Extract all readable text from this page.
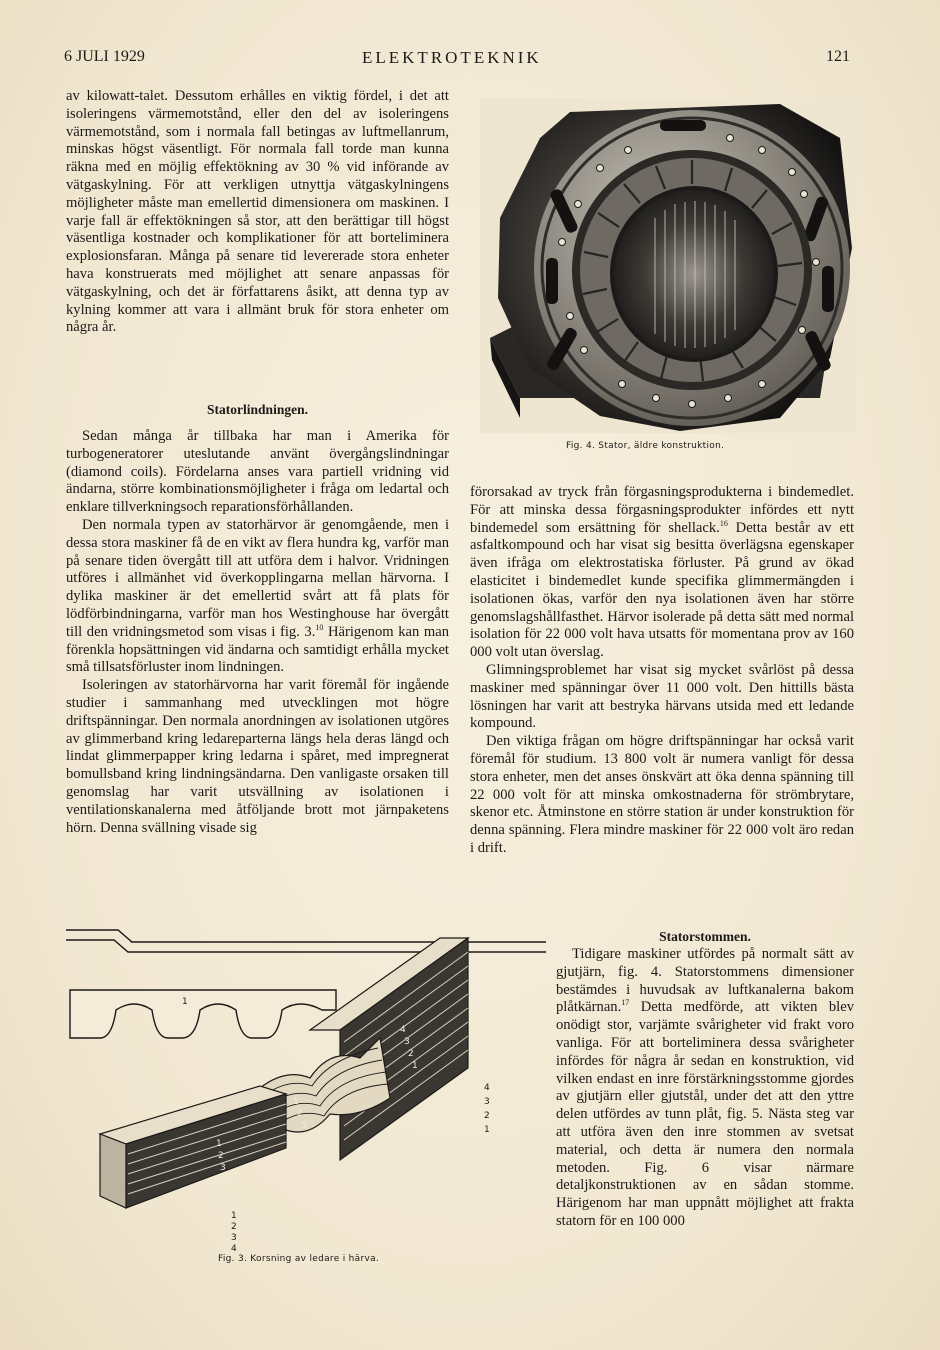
6 JULI 1929	ELEKTROTEKNIK	121

av kilowatt-talet. Dessutom erhålles en viktig fördel, i det att isoleringens värmemotstånd, eller den del av isoleringens värmemotstånd, som i normala fall betingas av luftmellanrum, minskas högst väsentligt. För normala fall torde man kunna räkna med en möjlig effektökning av 30 % vid införande av vätgaskylning. För att verkligen utnyttja vätgaskylningens möjligheter måste man emellertid dimensionera om maskinen. I varje fall är effektökningen så stor, att den berättigar till högst väsentliga kostnader och komplikationer för att borteliminera explosionsfaran. Många på senare tid levererade stora enheter hava konstruerats med möjlighet att senare anpassas för vätgaskylning, och det är författarens åsikt, att denna typ av kylning kommer att vara i allmänt bruk för stora enheter om några år.

Statorlindningen.

Sedan många år tillbaka har man i Amerika för turbogeneratorer uteslutande använt övergångslindningar (diamond coils). Fördelarna anses vara partiell vridning vid ändarna, större kombinationsmöjligheter i fråga om ledartal och enklare tillverkningsoch reparationsförhållanden.

Den normala typen av statorhärvor är genomgående, men i dessa stora maskiner få de en vikt av flera hundra kg, varför man på senare tiden övergått till att utföra dem i halvor. Vridningen utföres i allmänhet vid överkopplingarna mellan härvorna. I dylika maskiner är det emellertid svårt att få plats för lödförbindningarna, varför man hos Westinghouse har övergått till den vridningsmetod som visas i fig. 3.10 Härigenom kan man förenkla hopsättningen vid ändarna och samtidigt erhålla mycket små tillsatsförluster inom lindningen.

Isoleringen av statorhärvorna har varit föremål för ingående studier i sammanhang med utvecklingen mot högre driftspänningar. Den normala anordningen av isolationen utgöres av glimmerband kring ledareparterna längs hela deras längd och lindat glimmerpapper kring ledarna i spåret, med impregnerat bomullsband kring lindningsändarna. Den vanligaste orsaken till genomslag har varit utsvällning av isolationen i ventilationskanalerna med åtföljande brott mot järnpaketens hörn. Denna svällning visade sig

Fig. 4. Stator, äldre konstruktion.

förorsakad av tryck från förgasningsprodukterna i bindemedlet. För att minska dessa förgasningsprodukter infördes ett nytt bindemedel som ersättning för shellack.$^{16}$ Detta består av ett asfaltkompound och har visat sig besitta överlägsna egenskaper även ifråga om elektrostatiska förluster. På grund av ökad elasticitet i bindemedlet kunde specifika glimmermängden i isolationen ökas, varför den nya isolationen även har större genomslagshållfasthet. Härvor isolerade på detta sätt med normal isolation för 22 000 volt hava utsatts för momentana prov av 160 000 volt utan överslag.

Glimningsproblemet har visat sig mycket svårlöst på dessa maskiner med spänningar över 11 000 volt. Den hittills bästa lösningen har varit att bestryka härvans utsida med ett ledande kompound.

Den viktiga frågan om högre driftspänningar har också varit föremål för studium. 13 800 volt är numera vanligt för dessa stora enheter, men det anses önskvärt att öka denna spänning till 22 000 volt för att minska omkostnaderna för strömbrytare, skenor etc. Åtminstone en större station är under konstruktion för denna spänning. Flera mindre maskiner för 22 000 volt äro redan i drift.

Statorstommen.

Tidigare maskiner utfördes på normalt sätt av gjutjärn, fig. 4. Statorstommens dimensioner bestämdes i huvudsak av luftkanalerna bakom plåtkärnan.$^{17}$ Detta medförde, att vikten blev onödigt stor, varjämte svårigheter vid frakt voro vanliga. För att borteliminera dessa svårigheter infördes för några år sedan en konstruktion, vid vilken endast en inre förstärkningsstomme gjordes av gjutjärn eller gjutstål, under det att den yttre delen utfördes av tunn plåt, fig. 5. Nästa steg var att utföra även den inre stommen av svetsat material, och detta är numera den normala metoden. Fig. 6 visar närmare detaljkonstruktionen av en sådan stomme. Härigenom har man uppnått möjlighet att frakta statorn för en 100 000

1
4
3
2
1
1
2
3
4
1
2
3
4
4
3
2
1
1
2
3
4
Fig. 3. Korsning av ledare i härva.
